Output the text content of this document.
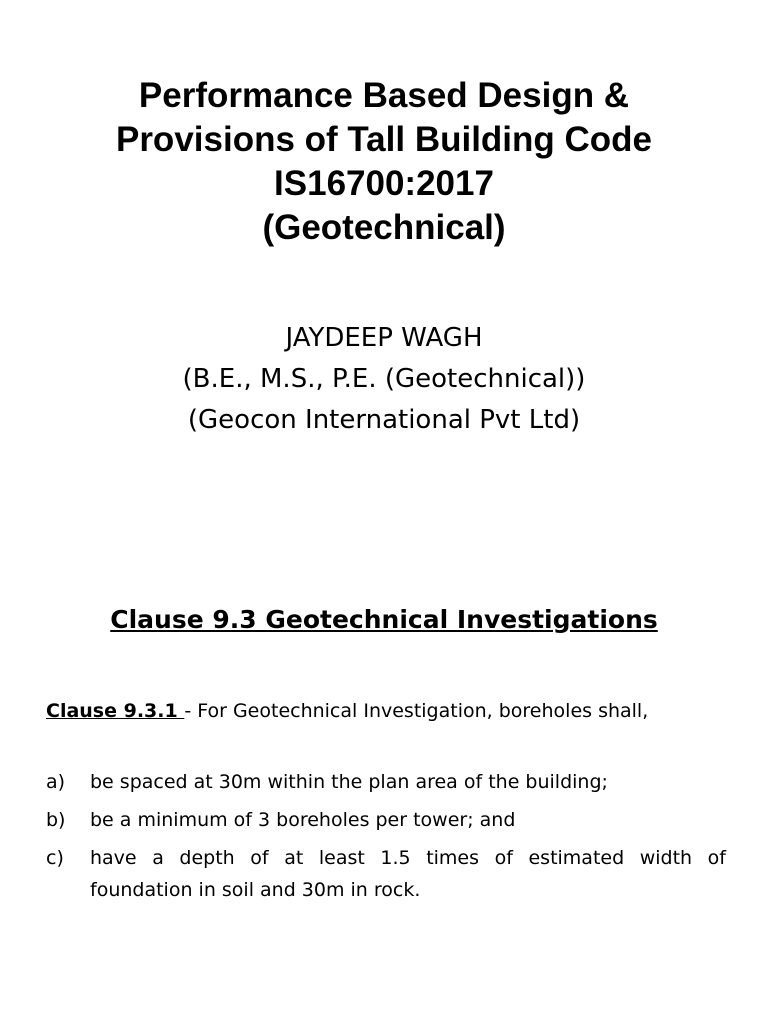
Performance Based Design &
Provisions of Tall Building Code
IS16700:2017
(Geotechnical)
JAYDEEP WAGH
(B.E., M.S., P.E. (Geotechnical))
(Geocon International Pvt Ltd)
Clause 9.3 Geotechnical Investigations
Clause 9.3.1 - For Geotechnical Investigation, boreholes shall,
a) be spaced at 30m within the plan area of the building;
b) be a minimum of 3 boreholes per tower; and
c) have a depth of at least 1.5 times of estimated width of foundation in soil and 30m in rock.
